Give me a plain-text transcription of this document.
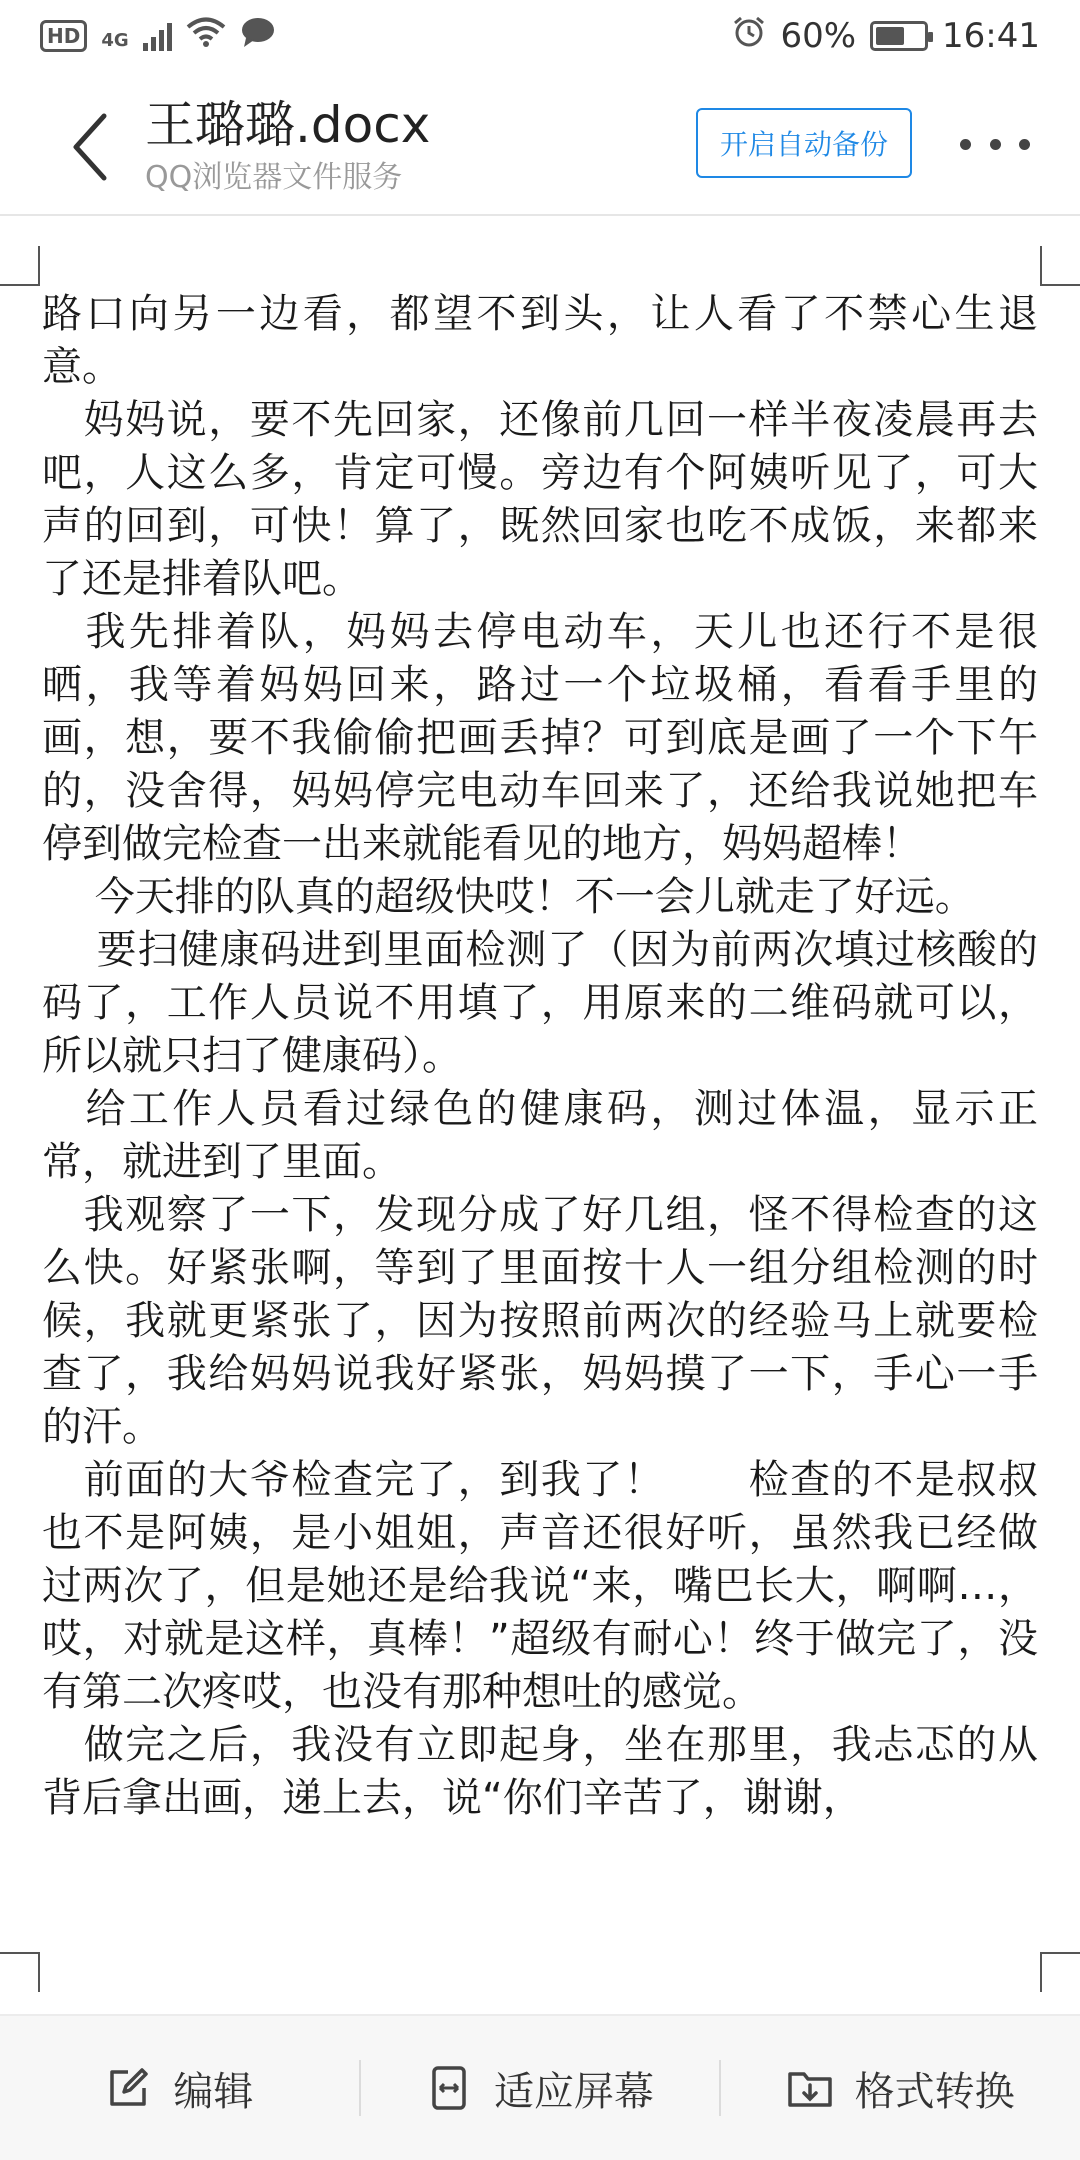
HD	4G	60%	16:41
王璐璐.docx
QQ浏览器文件服务
开启自动备份

路口向另一边看，都望不到头，让人看了不禁心生退意。

　妈妈说，要不先回家，还像前几回一样半夜凌晨再去吧，人这么多，肯定可慢。旁边有个阿姨听见了，可大声的回到，可快！算了，既然回家也吃不成饭，来都来了还是排着队吧。

　我先排着队，妈妈去停电动车，天儿也还行不是很晒，我等着妈妈回来，路过一个垃圾桶，看看手里的画，想，要不我偷偷把画丢掉？可到底是画了一个下午的，没舍得，妈妈停完电动车回来了，还给我说她把车停到做完检查一出来就能看见的地方，妈妈超棒！

　 今天排的队真的超级快哎！不一会儿就走了好远。

　 要扫健康码进到里面检测了（因为前两次填过核酸的码了，工作人员说不用填了，用原来的二维码就可以，所以就只扫了健康码）。

　给工作人员看过绿色的健康码，测过体温，显示正常，就进到了里面。

　我观察了一下，发现分成了好几组，怪不得检查的这么快。好紧张啊，等到了里面按十人一组分组检测的时候，我就更紧张了，因为按照前两次的经验马上就要检查了，我给妈妈说我好紧张，妈妈摸了一下，手心一手的汗。

　前面的大爷检查完了，到我了！　　检查的不是叔叔也不是阿姨，是小姐姐，声音还很好听，虽然我已经做过两次了，但是她还是给我说“来，嘴巴长大，啊啊…，哎，对就是这样，真棒！”超级有耐心！终于做完了，没有第二次疼哎，也没有那种想吐的感觉。

　做完之后，我没有立即起身，坐在那里，我忐忑的从背后拿出画，递上去，说“你们辛苦了，谢谢，

编辑	适应屏幕	格式转换
